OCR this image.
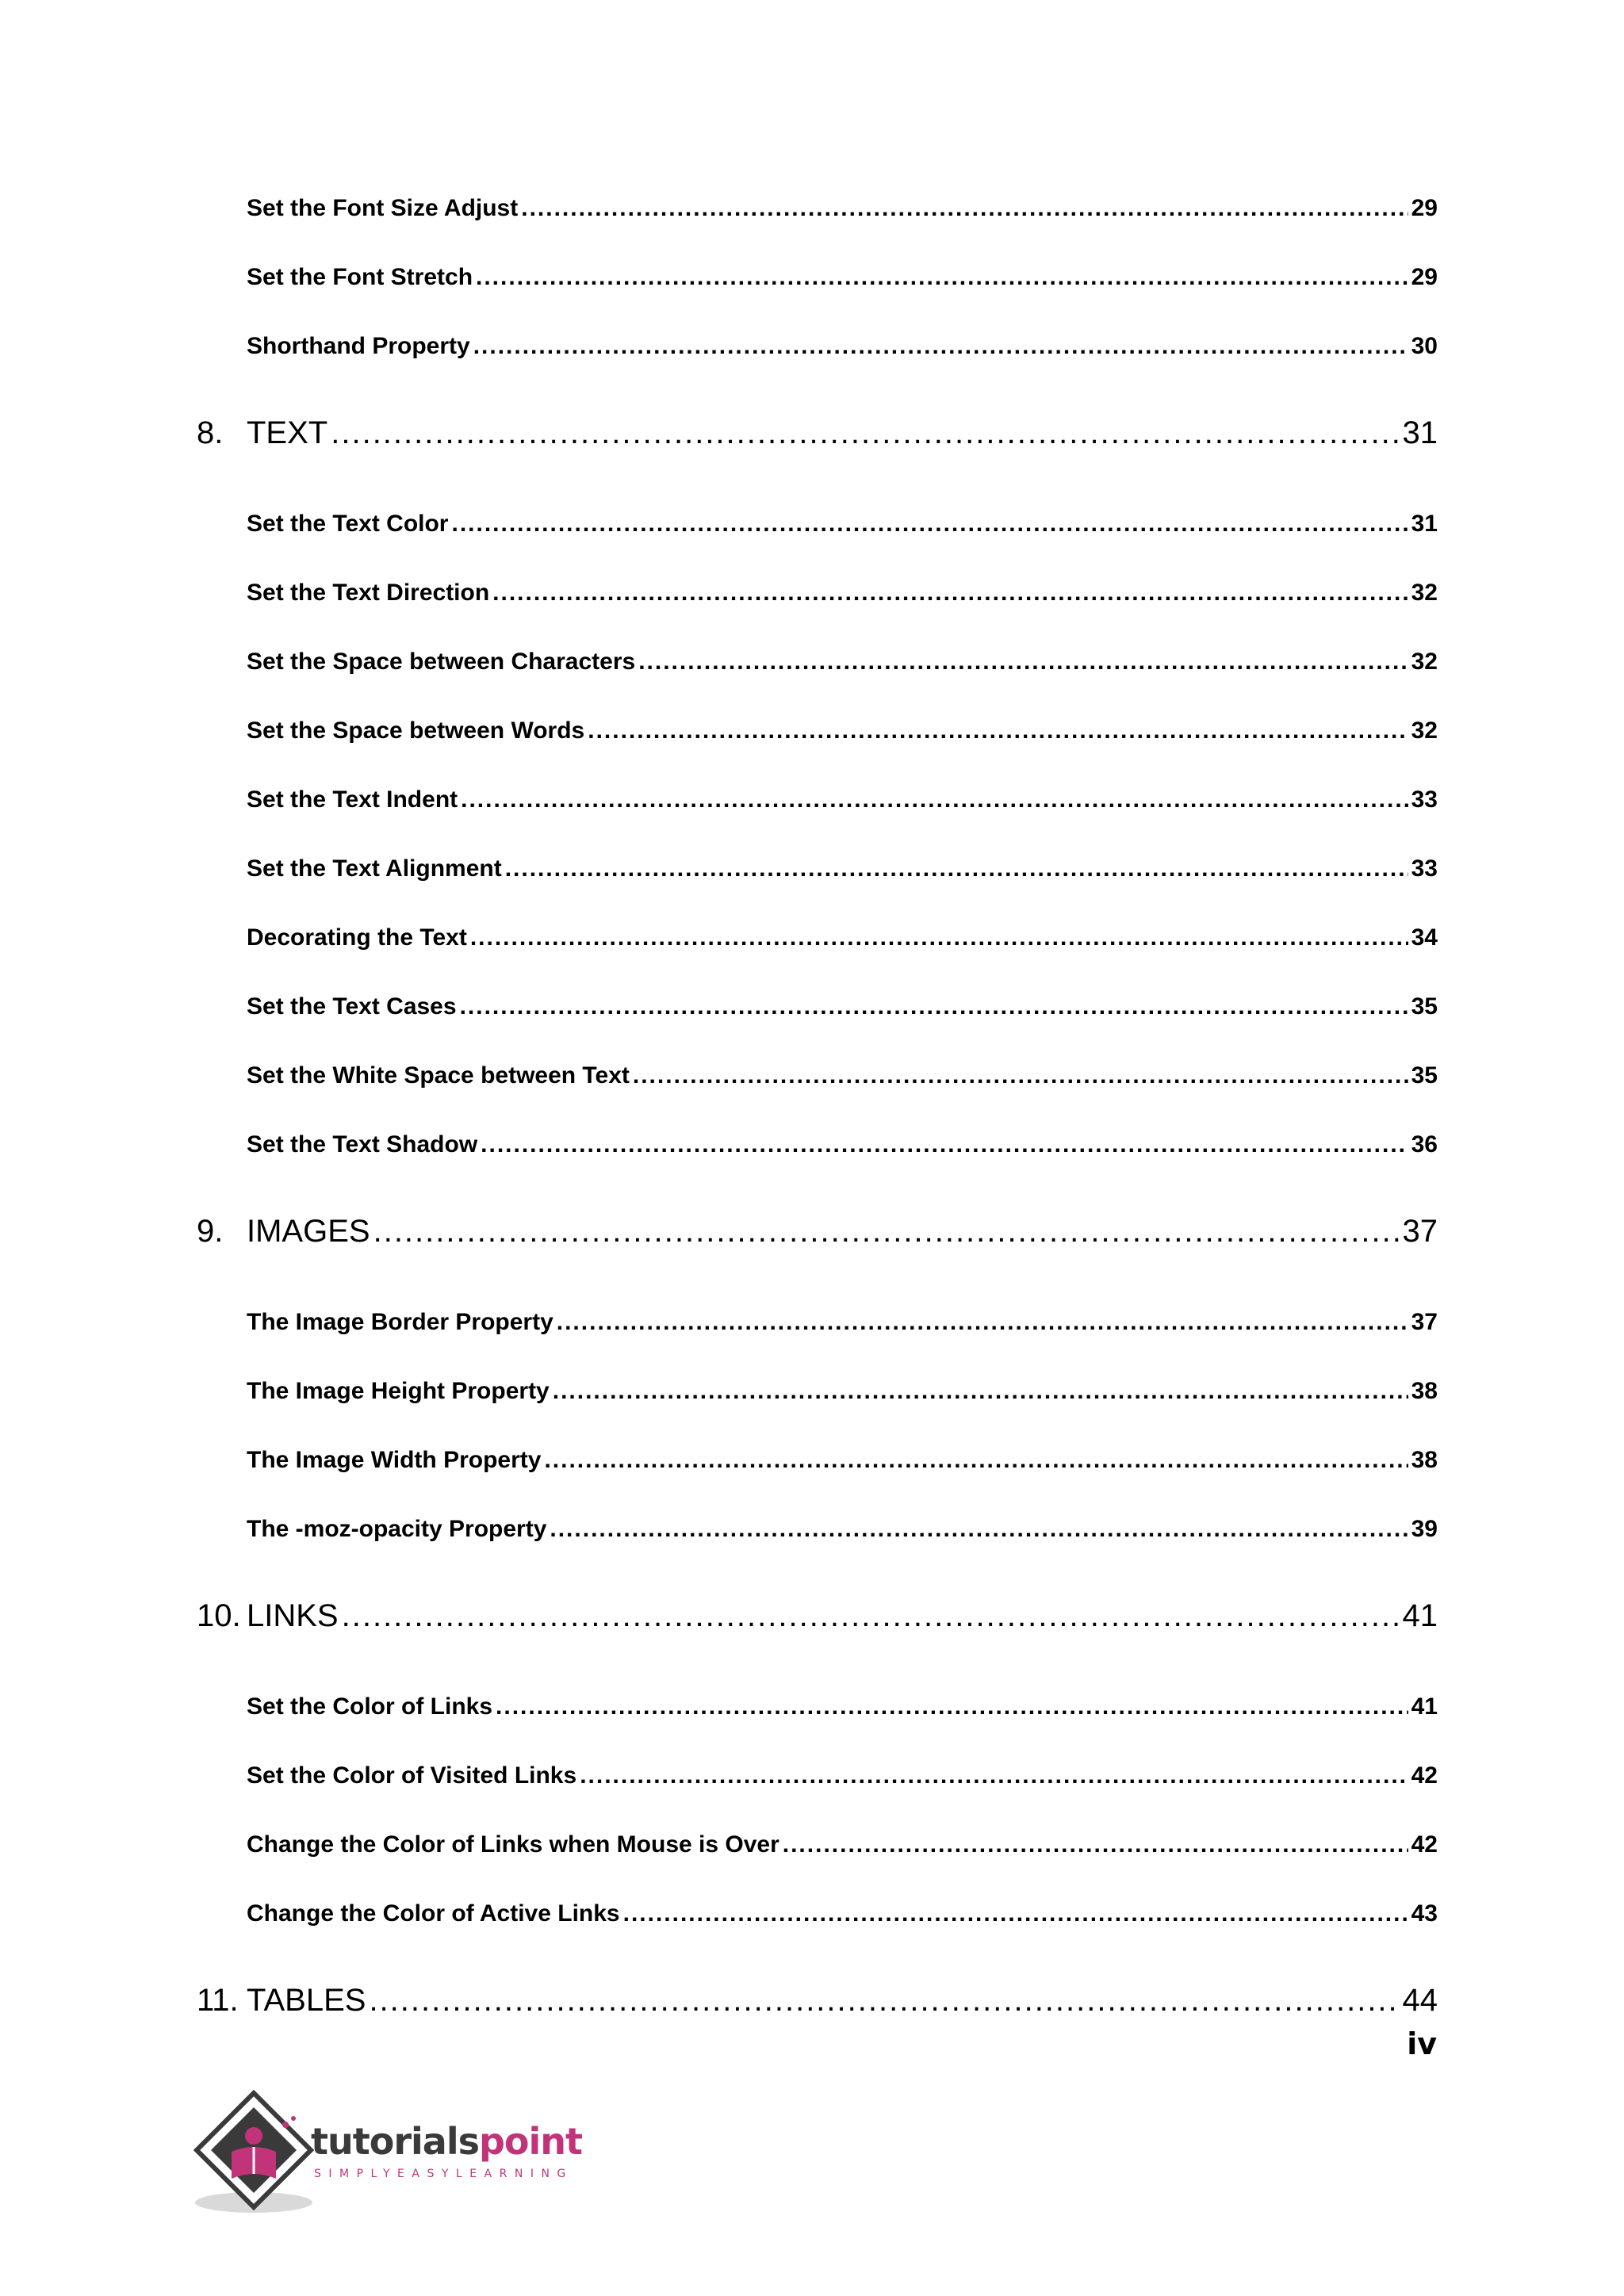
Set the Font Size Adjust .....	29
Set the Font Stretch .....	29
Shorthand Property .....	30
8. TEXT .....	31
Set the Text Color .....	31
Set the Text Direction .....	32
Set the Space between Characters .....	32
Set the Space between Words .....	32
Set the Text Indent .....	33
Set the Text Alignment .....	33
Decorating the Text .....	34
Set the Text Cases .....	35
Set the White Space between Text .....	35
Set the Text Shadow .....	36
9. IMAGES .....	37
The Image Border Property .....	37
The Image Height Property .....	38
The Image Width Property .....	38
The -moz-opacity Property .....	39
10. LINKS .....	41
Set the Color of Links .....	41
Set the Color of Visited Links .....	42
Change the Color of Links when Mouse is Over .....	42
Change the Color of Active Links .....	43
11. TABLES .....	44
iv
tutorialspoint
SIMPLYEASYLEARNING
